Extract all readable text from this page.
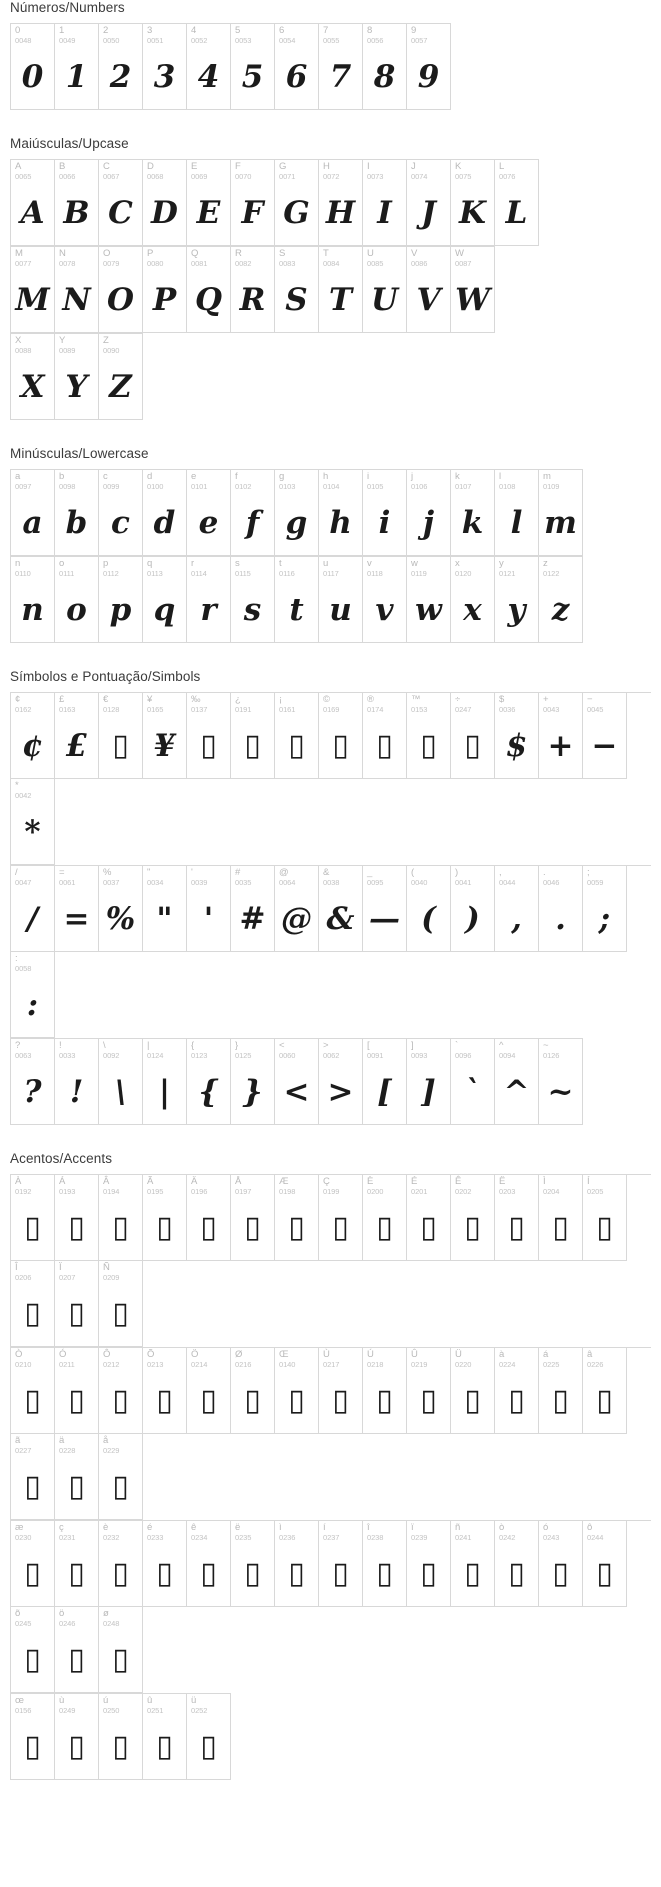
Números/Numbers
0
0048
0
1
0049
1
2
0050
2
3
0051
3
4
0052
4
5
0053
5
6
0054
6
7
0055
7
8
0056
8
9
0057
9
Maiúsculas/Upcase
A
0065
A
B
0066
B
C
0067
C
D
0068
D
E
0069
E
F
0070
F
G
0071
G
H
0072
H
I
0073
I
J
0074
J
K
0075
K
L
0076
L
M
0077
M
N
0078
N
O
0079
O
P
0080
P
Q
0081
Q
R
0082
R
S
0083
S
T
0084
T
U
0085
U
V
0086
V
W
0087
W
X
0088
X
Y
0089
Y
Z
0090
Z
Minúsculas/Lowercase
a
0097
a
b
0098
b
c
0099
c
d
0100
d
e
0101
e
f
0102
f
g
0103
g
h
0104
h
i
0105
i
j
0106
j
k
0107
k
l
0108
l
m
0109
m
n
0110
n
o
0111
o
p
0112
p
q
0113
q
r
0114
r
s
0115
s
t
0116
t
u
0117
u
v
0118
v
w
0119
w
x
0120
x
y
0121
y
z
0122
z
Símbolos e Pontuação/Simbols
¢
0162
¢
£
0163
£
€
0128
▯
¥
0165
¥
‰
0137
▯
¿
0191
▯
¡
0161
▯
©
0169
▯
®
0174
▯
™
0153
▯
÷
0247
▯
$
0036
$
+
0043
+
−
0045
−
*
0042
*
/
0047
/
=
0061
=
%
0037
%
"
0034
"
'
0039
'
#
0035
#
@
0064
@
&
0038
&
_
0095
—
(
0040
(
)
0041
)
,
0044
,
.
0046
.
;
0059
;
:
0058
:
?
0063
?
!
0033
!
\
0092
\
|
0124
|
{
0123
{
}
0125
}
<
0060
<
>
0062
>
[
0091
[
]
0093
]
`
0096
`
^
0094
^
~
0126
~
Acentos/Accents
À
0192
▯
Á
0193
▯
Â
0194
▯
Ã
0195
▯
Ä
0196
▯
Å
0197
▯
Æ
0198
▯
Ç
0199
▯
È
0200
▯
É
0201
▯
Ê
0202
▯
Ë
0203
▯
Ì
0204
▯
Í
0205
▯
Î
0206
▯
Ï
0207
▯
Ñ
0209
▯
Ò
0210
▯
Ó
0211
▯
Ô
0212
▯
Õ
0213
▯
Ö
0214
▯
Ø
0216
▯
Œ
0140
▯
Ù
0217
▯
Ú
0218
▯
Û
0219
▯
Ü
0220
▯
à
0224
▯
á
0225
▯
â
0226
▯
ã
0227
▯
ä
0228
▯
å
0229
▯
æ
0230
▯
ç
0231
▯
è
0232
▯
é
0233
▯
ê
0234
▯
ë
0235
▯
ì
0236
▯
í
0237
▯
î
0238
▯
ï
0239
▯
ñ
0241
▯
ò
0242
▯
ó
0243
▯
ô
0244
▯
õ
0245
▯
ö
0246
▯
ø
0248
▯
œ
0156
▯
ù
0249
▯
ú
0250
▯
û
0251
▯
ü
0252
▯
